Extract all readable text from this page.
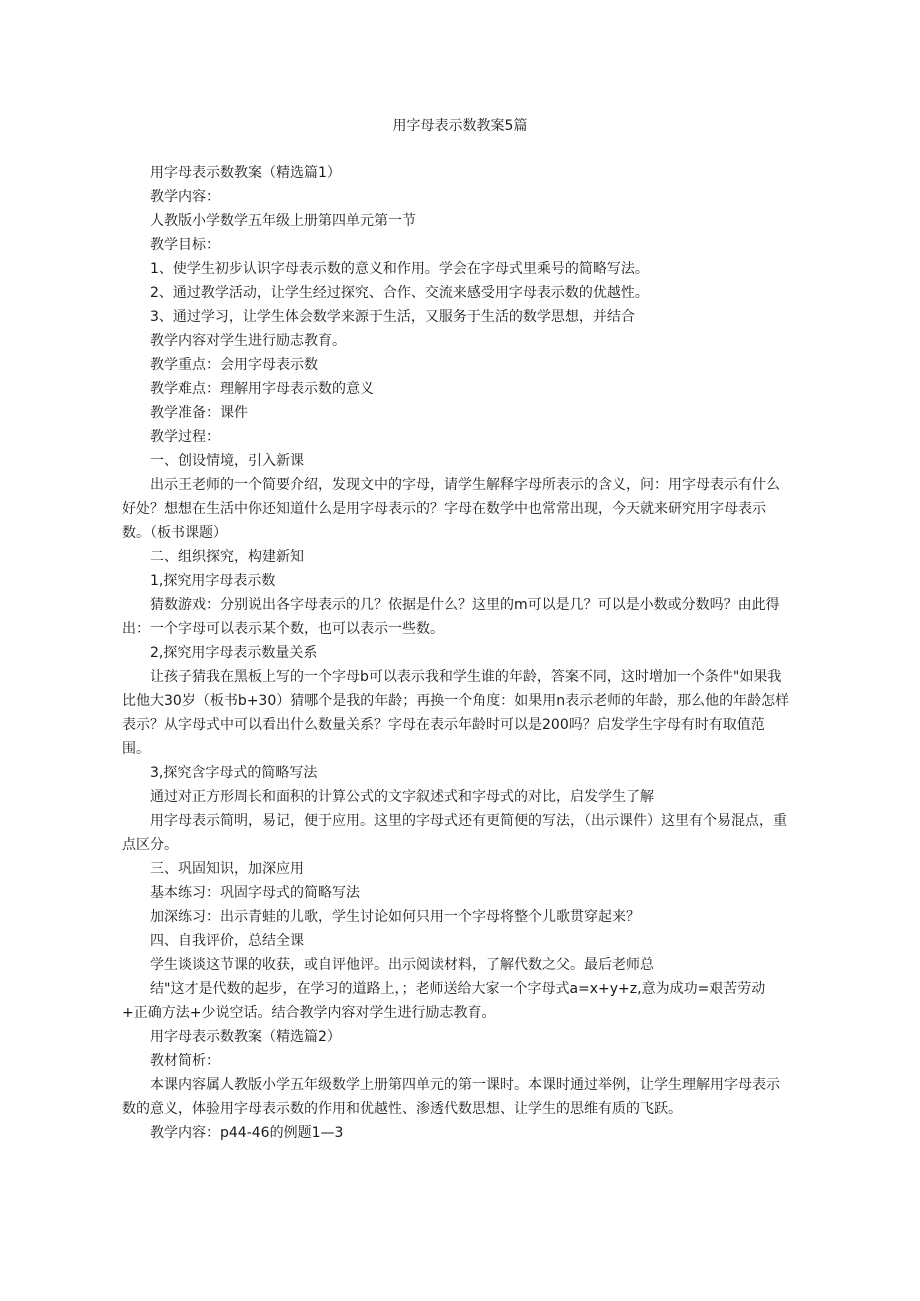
用字母表示数教案5篇

用字母表示数教案（精选篇1）

教学内容：

人教版小学数学五年级上册第四单元第一节

教学目标：

1、使学生初步认识字母表示数的意义和作用。学会在字母式里乘号的简略写法。

2、通过教学活动，让学生经过探究、合作、交流来感受用字母表示数的优越性。

3、通过学习，让学生体会数学来源于生活，又服务于生活的数学思想，并结合

教学内容对学生进行励志教育。

教学重点：会用字母表示数

教学难点：理解用字母表示数的意义

教学准备：课件

教学过程：

一、创设情境，引入新课

出示王老师的一个简要介绍，发现文中的字母，请学生解释字母所表示的含义，问：用字母表示有什么好处？想想在生活中你还知道什么是用字母表示的？字母在数学中也常常出现，今天就来研究用字母表示数。（板书课题）

二、组织探究，构建新知

1,探究用字母表示数

猜数游戏：分别说出各字母表示的几？依据是什么？这里的m可以是几？可以是小数或分数吗？由此得出：一个字母可以表示某个数，也可以表示一些数。

2,探究用字母表示数量关系

让孩子猜我在黑板上写的一个字母b可以表示我和学生谁的年龄，答案不同，这时增加一个条件"如果我比他大30岁（板书b+30）猜哪个是我的年龄；再换一个角度：如果用n表示老师的年龄，那么他的年龄怎样表示？从字母式中可以看出什么数量关系？字母在表示年龄时可以是200吗？启发学生字母有时有取值范围。

3,探究含字母式的简略写法

通过对正方形周长和面积的计算公式的文字叙述式和字母式的对比，启发学生了解

用字母表示简明，易记，便于应用。这里的字母式还有更简便的写法，（出示课件）这里有个易混点，重点区分。

三、巩固知识，加深应用

基本练习：巩固字母式的简略写法

加深练习：出示青蛙的儿歌，学生讨论如何只用一个字母将整个儿歌贯穿起来？

四、自我评价，总结全课

学生谈谈这节课的收获，或自评他评。出示阅读材料，了解代数之父。最后老师总

结"这才是代数的起步，在学习的道路上，；老师送给大家一个字母式a=x+y+z,意为成功=艰苦劳动+正确方法+少说空话。结合教学内容对学生进行励志教育。

用字母表示数教案（精选篇2）

教材简析：

本课内容属人教版小学五年级数学上册第四单元的第一课时。本课时通过举例，让学生理解用字母表示数的意义，体验用字母表示数的作用和优越性、渗透代数思想、让学生的思维有质的飞跃。

教学内容：p44-46的例题1—3
